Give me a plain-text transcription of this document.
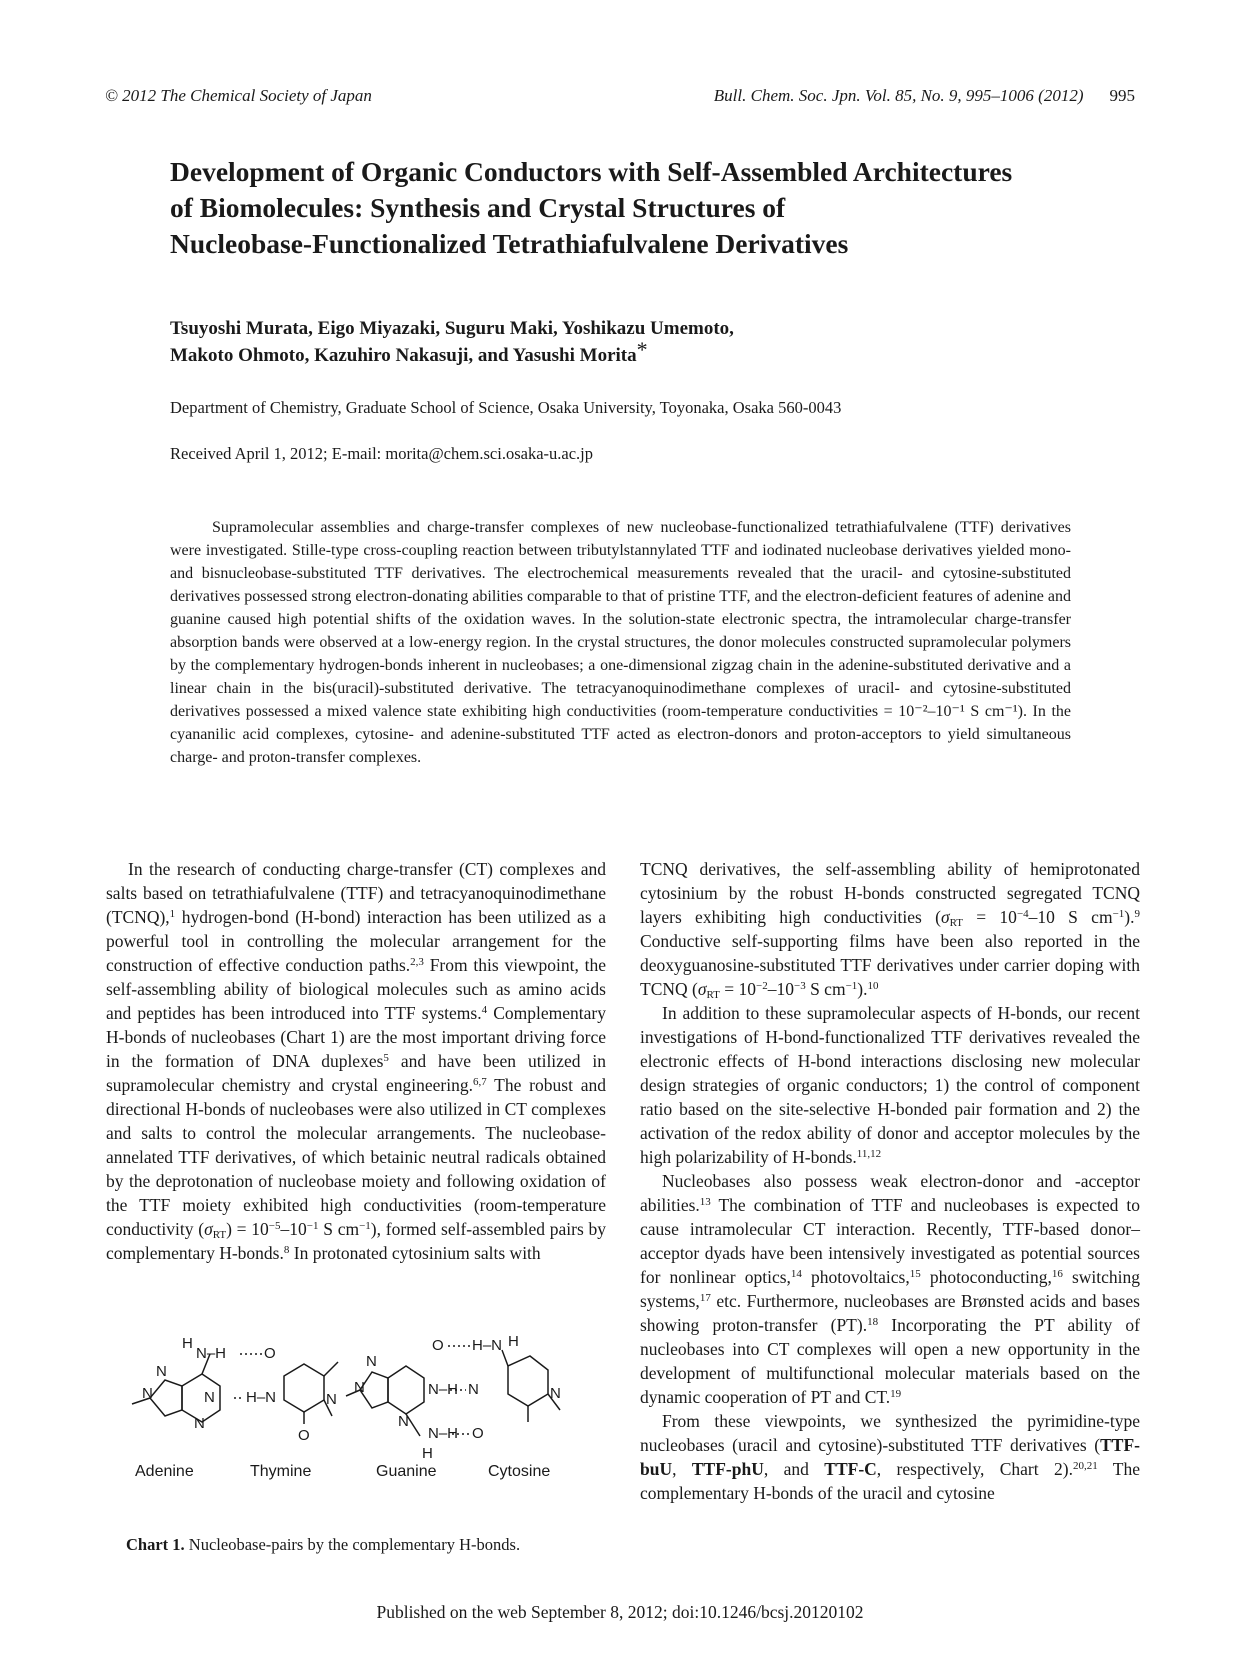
© 2012 The Chemical Society of Japan	Bull. Chem. Soc. Jpn. Vol. 85, No. 9, 995–1006 (2012) 995
Development of Organic Conductors with Self-Assembled Architectures
of Biomolecules: Synthesis and Crystal Structures of
Nucleobase-Functionalized Tetrathiafulvalene Derivatives
Tsuyoshi Murata, Eigo Miyazaki, Suguru Maki, Yoshikazu Umemoto,
Makoto Ohmoto, Kazuhiro Nakasuji, and Yasushi Morita*
Department of Chemistry, Graduate School of Science, Osaka University, Toyonaka, Osaka 560-0043
Received April 1, 2012; E-mail: morita@chem.sci.osaka-u.ac.jp

Supramolecular assemblies and charge-transfer complexes of new nucleobase-functionalized tetrathiafulvalene (TTF) derivatives were investigated. Stille-type cross-coupling reaction between tributylstannylated TTF and iodinated nucleobase derivatives yielded mono- and bisnucleobase-substituted TTF derivatives. The electrochemical measurements revealed that the uracil- and cytosine-substituted derivatives possessed strong electron-donating abilities comparable to that of pristine TTF, and the electron-deficient features of adenine and guanine caused high potential shifts of the oxidation waves. In the solution-state electronic spectra, the intramolecular charge-transfer absorption bands were observed at a low-energy region. In the crystal structures, the donor molecules constructed supramolecular polymers by the complementary hydrogen-bonds inherent in nucleobases; a one-dimensional zigzag chain in the adenine-substituted derivative and a linear chain in the bis(uracil)-substituted derivative. The tetracyanoquinodimethane complexes of uracil- and cytosine-substituted derivatives possessed a mixed valence state exhibiting high conductivities (room-temperature conductivities = 10⁻²–10⁻¹ S cm⁻¹). In the cyananilic acid complexes, cytosine- and adenine-substituted TTF acted as electron-donors and proton-acceptors to yield simultaneous charge- and proton-transfer complexes.

In the research of conducting charge-transfer (CT) complexes and salts based on tetrathiafulvalene (TTF) and tetracyanoquinodimethane (TCNQ),$^1$ hydrogen-bond (H-bond) interaction has been utilized as a powerful tool in controlling the molecular arrangement for the construction of effective conduction paths.$^{2,3}$ From this viewpoint, the self-assembling ability of biological molecules such as amino acids and peptides has been introduced into TTF systems.$^4$ Complementary H-bonds of nucleobases (Chart 1) are the most important driving force in the formation of DNA duplexes$^5$ and have been utilized in supramolecular chemistry and crystal engineering.$^{6,7}$ The robust and directional H-bonds of nucleobases were also utilized in CT complexes and salts to control the molecular arrangements. The nucleobase-annelated TTF derivatives, of which betainic neutral radicals obtained by the deprotonation of nucleobase moiety and following oxidation of the TTF moiety exhibited high conductivities (room-temperature conductivity $(\sigma_{RT}) = 10^{-5}-10^{-1}$ S $cm^{-1}$), formed self-assembled pairs by complementary H-bonds.$^8$ In protonated cytosinium salts with

N
N
N
N
H
N–H	O
H–N
O
N
N
N
N
O
N–H
N–H
H
H–N H
N
O
N
Adenine	Thymine	Guanine	Cytosine
Chart 1. Nucleobase-pairs by the complementary H-bonds.

TCNQ derivatives, the self-assembling ability of hemiprotonated cytosinium by the robust H-bonds constructed segregated TCNQ layers exhibiting high conductivities ($\sigma_{RT} = 10^{-4}-10$ S $cm^{-1}).^9$ Conductive self-supporting films have been also reported in the deoxyguanosine-substituted TTF derivatives under carrier doping with TCNQ ($\sigma_{RT} = 10^{-2}-10^{-3}$ S $cm^{-1}).^{10}$

In addition to these supramolecular aspects of H-bonds, our recent investigations of H-bond-functionalized TTF derivatives revealed the electronic effects of H-bond interactions disclosing new molecular design strategies of organic conductors; 1) the control of component ratio based on the site-selective H-bonded pair formation and 2) the activation of the redox ability of donor and acceptor molecules by the high polarizability of H-bonds.$^{11,12}$

Nucleobases also possess weak electron-donor and -acceptor abilities.$^{13}$ The combination of TTF and nucleobases is expected to cause intramolecular CT interaction. Recently, TTF-based donor–acceptor dyads have been intensively investigated as potential sources for nonlinear optics,$^{14}$ photovoltaics,$^{15}$ photoconducting,$^{16}$ switching systems,$^{17}$ etc. Furthermore, nucleobases are Brønsted acids and bases showing proton-transfer (PT).$^{18}$ Incorporating the PT ability of nucleobases into CT complexes will open a new opportunity in the development of multifunctional molecular materials based on the dynamic cooperation of PT and CT.$^{19}$

From these viewpoints, we synthesized the pyrimidine-type nucleobases (uracil and cytosine)-substituted TTF derivatives (TTF-buU, TTF-phU, and TTF-C, respectively, Chart 2).$^{20,21}$ The complementary H-bonds of the uracil and cytosine

Published on the web September 8, 2012; doi:10.1246/bcsj.20120102
